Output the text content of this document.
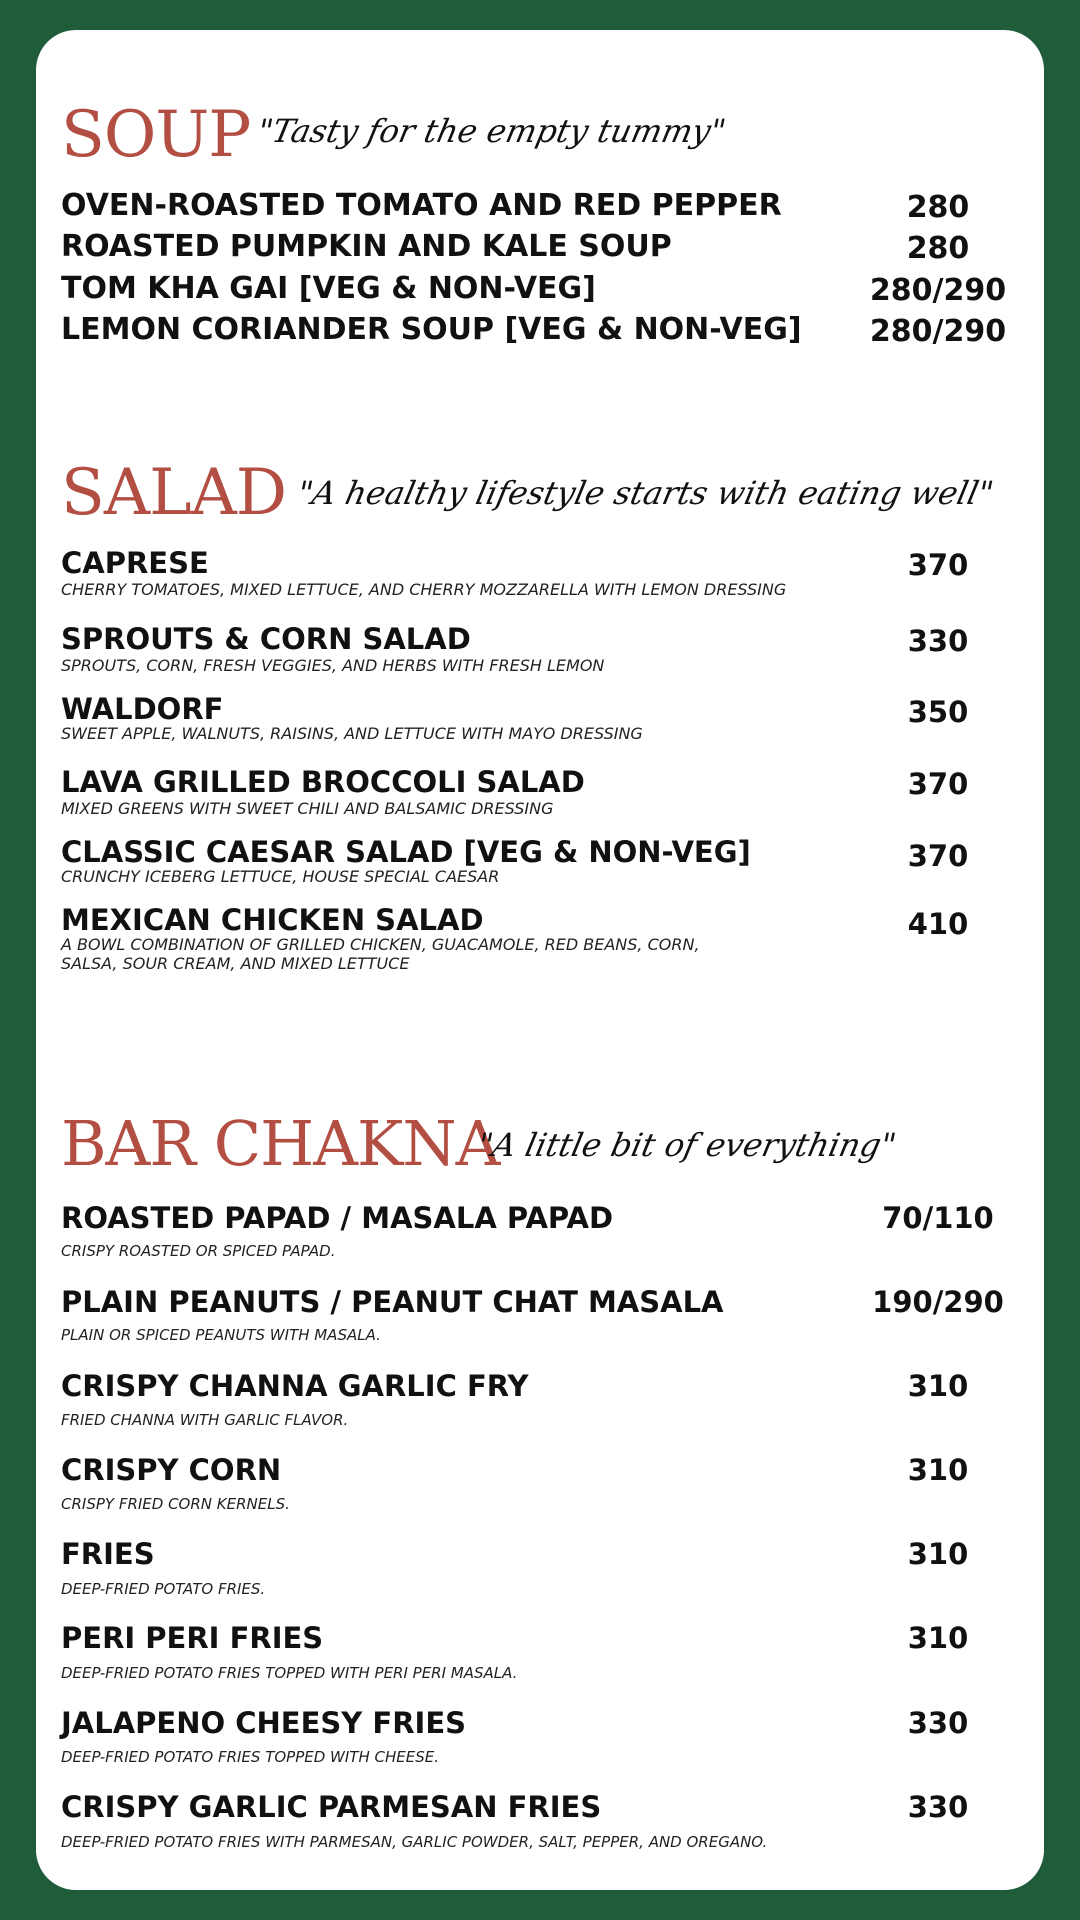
SOUP "Tasty for the empty tummy"
OVEN-ROASTED TOMATO AND RED PEPPER	280
ROASTED PUMPKIN AND KALE SOUP	280
TOM KHA GAI [VEG & NON-VEG]	280/290
LEMON CORIANDER SOUP [VEG & NON-VEG]	280/290
SALAD "A healthy lifestyle starts with eating well"
CAPRESE	370
CHERRY TOMATOES, MIXED LETTUCE, AND CHERRY MOZZARELLA WITH LEMON DRESSING
SPROUTS & CORN SALAD	330
SPROUTS, CORN, FRESH VEGGIES, AND HERBS WITH FRESH LEMON
WALDORF	350
SWEET APPLE, WALNUTS, RAISINS, AND LETTUCE WITH MAYO DRESSING
LAVA GRILLED BROCCOLI SALAD	370
MIXED GREENS WITH SWEET CHILI AND BALSAMIC DRESSING
CLASSIC CAESAR SALAD [VEG & NON-VEG]	370
CRUNCHY ICEBERG LETTUCE, HOUSE SPECIAL CAESAR
MEXICAN CHICKEN SALAD	410
A BOWL COMBINATION OF GRILLED CHICKEN, GUACAMOLE, RED BEANS, CORN,
SALSA, SOUR CREAM, AND MIXED LETTUCE
BAR CHAKNA
"A little bit of everything"
ROASTED PAPAD / MASALA PAPAD	70/110
CRISPY ROASTED OR SPICED PAPAD.
PLAIN PEANUTS / PEANUT CHAT MASALA	190/290
PLAIN OR SPICED PEANUTS WITH MASALA.
CRISPY CHANNA GARLIC FRY	310
FRIED CHANNA WITH GARLIC FLAVOR.
CRISPY CORN	310
CRISPY FRIED CORN KERNELS.
FRIES	310
DEEP-FRIED POTATO FRIES.
PERI PERI FRIES	310
DEEP-FRIED POTATO FRIES TOPPED WITH PERI PERI MASALA.
JALAPENO CHEESY FRIES	330
DEEP-FRIED POTATO FRIES TOPPED WITH CHEESE.
CRISPY GARLIC PARMESAN FRIES	330
DEEP-FRIED POTATO FRIES WITH PARMESAN, GARLIC POWDER, SALT, PEPPER, AND OREGANO.
